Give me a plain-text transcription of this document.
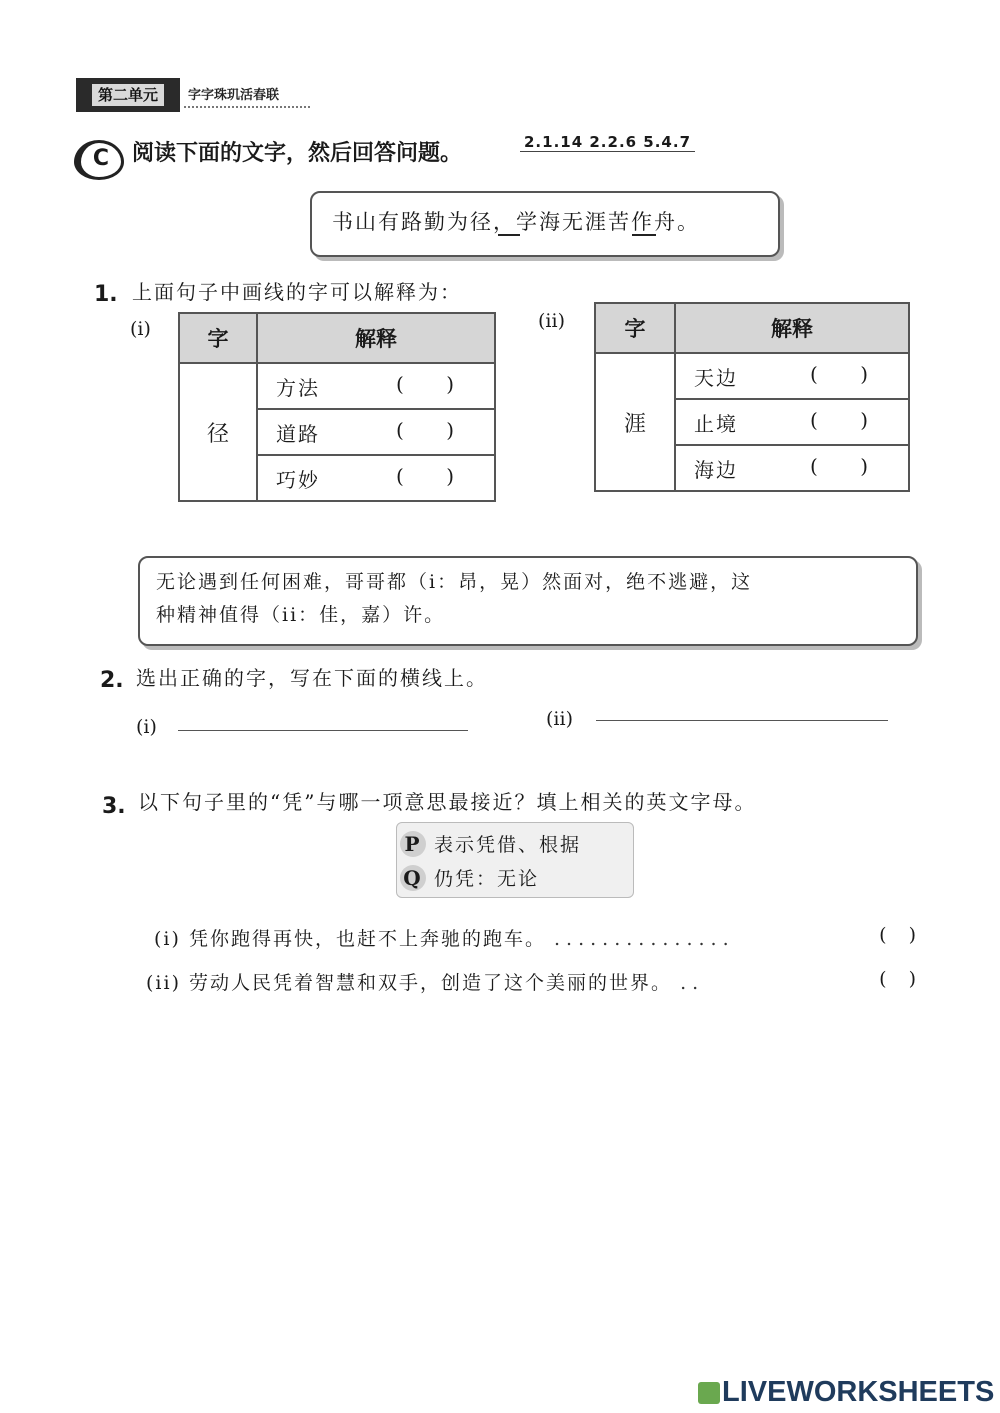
第二单元	字字珠玑活春联
C	阅读下面的文字，然后回答问题。	2.1.14 2.2.6 5.4.7
书山有路勤为径，学海无涯苦作舟。
1. 上面句子中画线的字可以解释为：
(i)	字	解释
径	方法 ( )

	道路 ( )

	巧妙 ( )
(ii)	字	解释
涯	天边 ( )

	止境 ( )

	海边 ( )
无论遇到任何困难，哥哥都（i：昂，晃）然面对，绝不逃避，这
种精神值得（ii：佳，嘉）许。
2. 选出正确的字，写在下面的横线上。
(i)	(ii)
3. 以下句子里的“凭”与哪一项意思最接近？填上相关的英文字母。
P 表示凭借、根据
Q 仍凭：无论
(i) 凭你跑得再快，也赶不上奔驰的跑车。 ...............	( )
(ii) 劳动人民凭着智慧和双手，创造了这个美丽的世界。 ..	( )
LIVEWORKSHEETS
